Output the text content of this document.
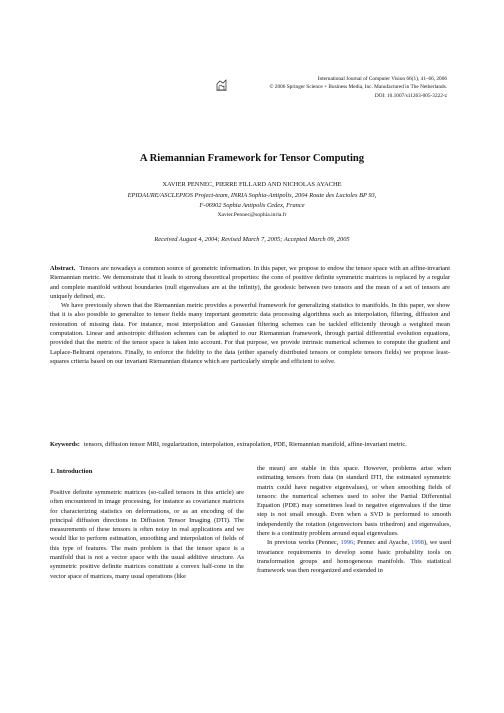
International Journal of Computer Vision 66(1), 41–66, 2006
© 2006 Springer Science + Business Media, Inc. Manufactured in The Netherlands.
DOI: 10.1007/s11263-005-3222-z
A Riemannian Framework for Tensor Computing
XAVIER PENNEC, PIERRE FILLARD AND NICHOLAS AYACHE
EPIDAURE/ASCLEPIOS Project-team, INRIA Sophia-Antipolis, 2004 Route des Lucioles BP 93,
F-06902 Sophia Antipolis Cedex, France
Xavier.Pennec@sophia.inria.fr
Received August 4, 2004; Revised March 7, 2005; Accepted March 09, 2005

Abstract. Tensors are nowadays a common source of geometric information. In this paper, we propose to endow the tensor space with an affine-invariant Riemannian metric. We demonstrate that it leads to strong theoretical properties: the cone of positive definite symmetric matrices is replaced by a regular and complete manifold without boundaries (null eigenvalues are at the infinity), the geodesic between two tensors and the mean of a set of tensors are uniquely defined, etc.

We have previously shown that the Riemannian metric provides a powerful framework for generalizing statistics to manifolds. In this paper, we show that it is also possible to generalize to tensor fields many important geometric data processing algorithms such as interpolation, filtering, diffusion and restoration of missing data. For instance, most interpolation and Gaussian filtering schemes can be tackled efficiently through a weighted mean computation. Linear and anisotropic diffusion schemes can be adapted to our Riemannian framework, through partial differential evolution equations, provided that the metric of the tensor space is taken into account. For that purpose, we provide intrinsic numerical schemes to compute the gradient and Laplace-Beltrami operators. Finally, to enforce the fidelity to the data (either sparsely distributed tensors or complete tensors fields) we propose least-squares criteria based on our invariant Riemannian distance which are particularly simple and efficient to solve.

Keywords: tensors, diffusion tensor MRI, regularization, interpolation, extrapolation, PDE, Riemannian manifold, affine-invariant metric.
1. Introduction

Positive definite symmetric matrices (so-called tensors in this article) are often encountered in image processing, for instance as covariance matrices for characterizing statistics on deformations, or as an encoding of the principal diffusion directions in Diffusion Tensor Imaging (DTI). The measurements of these tensors is often noisy in real applications and we would like to perform estimation, smoothing and interpolation of fields of this type of features. The main problem is that the tensor space is a manifold that is not a vector space with the usual additive structure. As symmetric positive definite matrices constitute a convex half-cone in the vector space of matrices, many usual operations (like

the mean) are stable in this space. However, problems arise when estimating tensors from data (in standard DTI, the estimated symmetric matrix could have negative eigenvalues), or when smoothing fields of tensors: the numerical schemes used to solve the Partial Differential Equation (PDE) may sometimes lead to negative eigenvalues if the time step is not small enough. Even when a SVD is performed to smooth independently the rotation (eigenvectors basis trihedron) and eigenvalues, there is a continuity problem around equal eigenvalues.

In previous works (Pennec, 1996; Pennec and Ayache, 1998), we used invariance requirements to develop some basic probability tools on transformation groups and homogeneous manifolds. This statistical framework was then reorganized and extended in
